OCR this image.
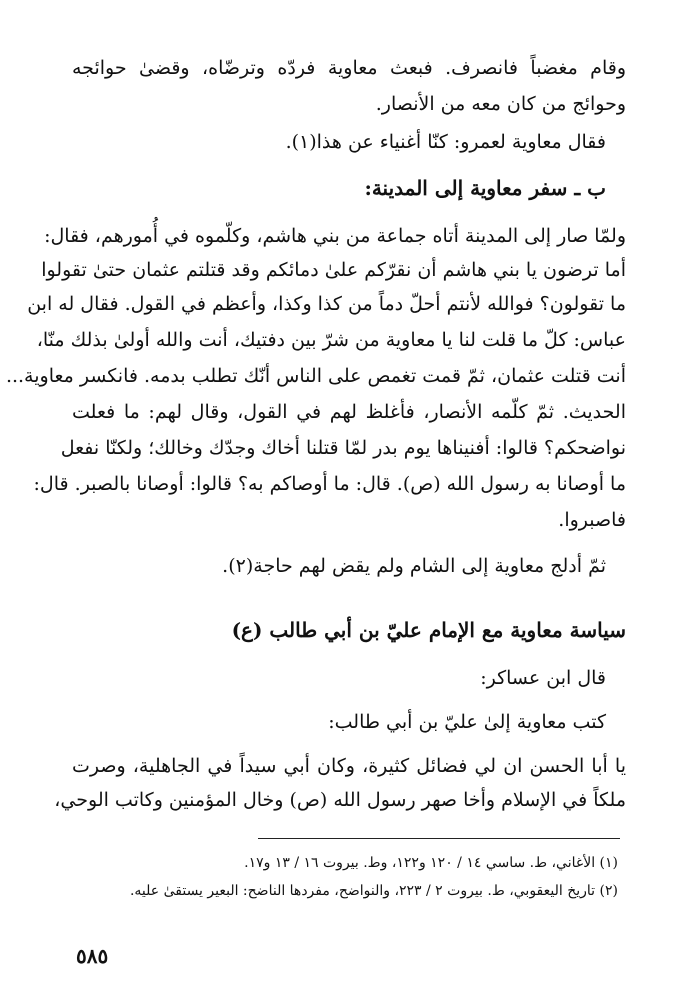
وقام مغضباً فانصرف. فبعث معاوية فردّه وترضّاه، وقضىٰ حوائجه
وحوائج من كان معه من الأنصار.
فقال معاوية لعمرو: كنّا أغنياء عن هذا(١).
ب ـ سفر معاوية إلى المدينة:
ولمّا صار إلى المدينة أتاه جماعة من بني هاشم، وكلّموه في أُمورهم، فقال:
أما ترضون يا بني هاشم أن نقرّكم علىٰ دمائكم وقد قتلتم عثمان حتىٰ تقولوا
ما تقولون؟ فوالله لأنتم أحلّ دماً من كذا وكذا، وأعظم في القول. فقال له ابن
عباس: كلّ ما قلت لنا يا معاوية من شرّ بين دفتيك، أنت والله أولىٰ بذلك منّا،
أنت قتلت عثمان، ثمّ قمت تغمص على الناس أنّك تطلب بدمه. فانكسر معاوية...
الحديث. ثمّ كلّمه الأنصار، فأغلظ لهم في القول، وقال لهم: ما فعلت
نواضحكم؟ قالوا: أفنيناها يوم بدر لمّا قتلنا أخاك وجدّك وخالك؛ ولكنّا نفعل
ما أوصانا به رسول الله (ص). قال: ما أوصاكم به؟ قالوا: أوصانا بالصبر. قال:
فاصبروا.
ثمّ أدلج معاوية إلى الشام ولم يقض لهم حاجة(٢).
سياسة معاوية مع الإمام عليّ بن أبي طالب (ع)
قال ابن عساكر:
كتب معاوية إلىٰ عليّ بن أبي طالب:
يا أبا الحسن ان لي فضائل كثيرة، وكان أبي سيداً في الجاهلية، وصرت
ملكاً في الإسلام وأخا صهر رسول الله (ص) وخال المؤمنين وكاتب الوحي،
(١) الأغاني، ط. ساسي ١٤ / ١٢٠ و١٢٢، وط. بيروت ١٦ / ١٣ و١٧.
(٢) تاريخ اليعقوبي، ط. بيروت ٢ / ٢٢٣، والنواضح، مفردها الناضح: البعير يستقىٰ عليه.
٥٨٥
